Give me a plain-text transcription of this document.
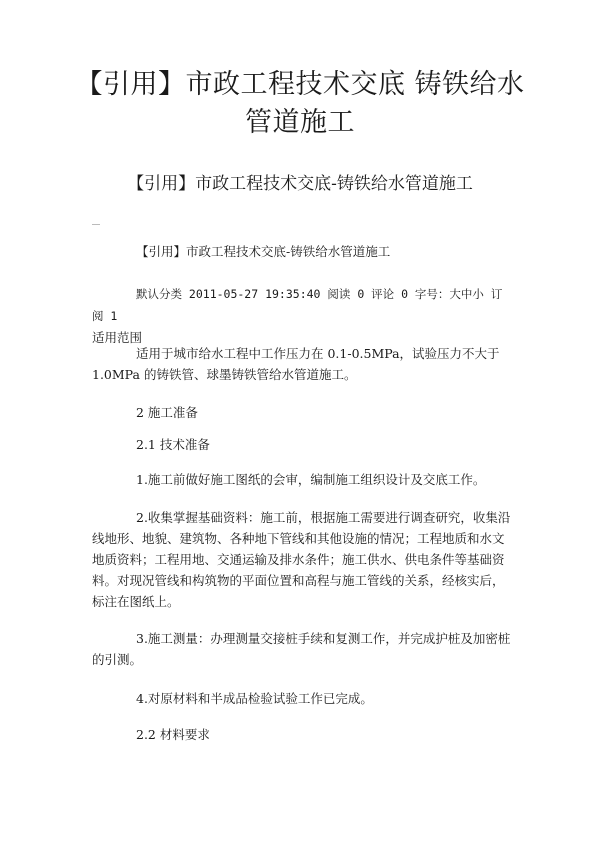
【引用】市政工程技术交底 铸铁给水
管道施工
【引用】市政工程技术交底-铸铁给水管道施工

【引用】市政工程技术交底-铸铁给水管道施工

默认分类 2011-05-27 19:35:40 阅读 0 评论 0 字号：大中小 订阅 1
适用范围

适用于城市给水工程中工作压力在 0.1-0.5MPa，试验压力不大于
1.0MPa 的铸铁管、球墨铸铁管给水管道施工。

2 施工准备

2.1 技术准备

1.施工前做好施工图纸的会审，编制施工组织设计及交底工作。

2.收集掌握基础资料：施工前，根据施工需要进行调查研究，收集沿线地形、地貌、建筑物、各种地下管线和其他设施的情况；工程地质和水文地质资料；工程用地、交通运输及排水条件；施工供水、供电条件等基础资料。对现况管线和构筑物的平面位置和高程与施工管线的关系，经核实后，标注在图纸上。

3.施工测量：办理测量交接桩手续和复测工作，并完成护桩及加密桩的引测。

4.对原材料和半成品检验试验工作已完成。

2.2 材料要求
